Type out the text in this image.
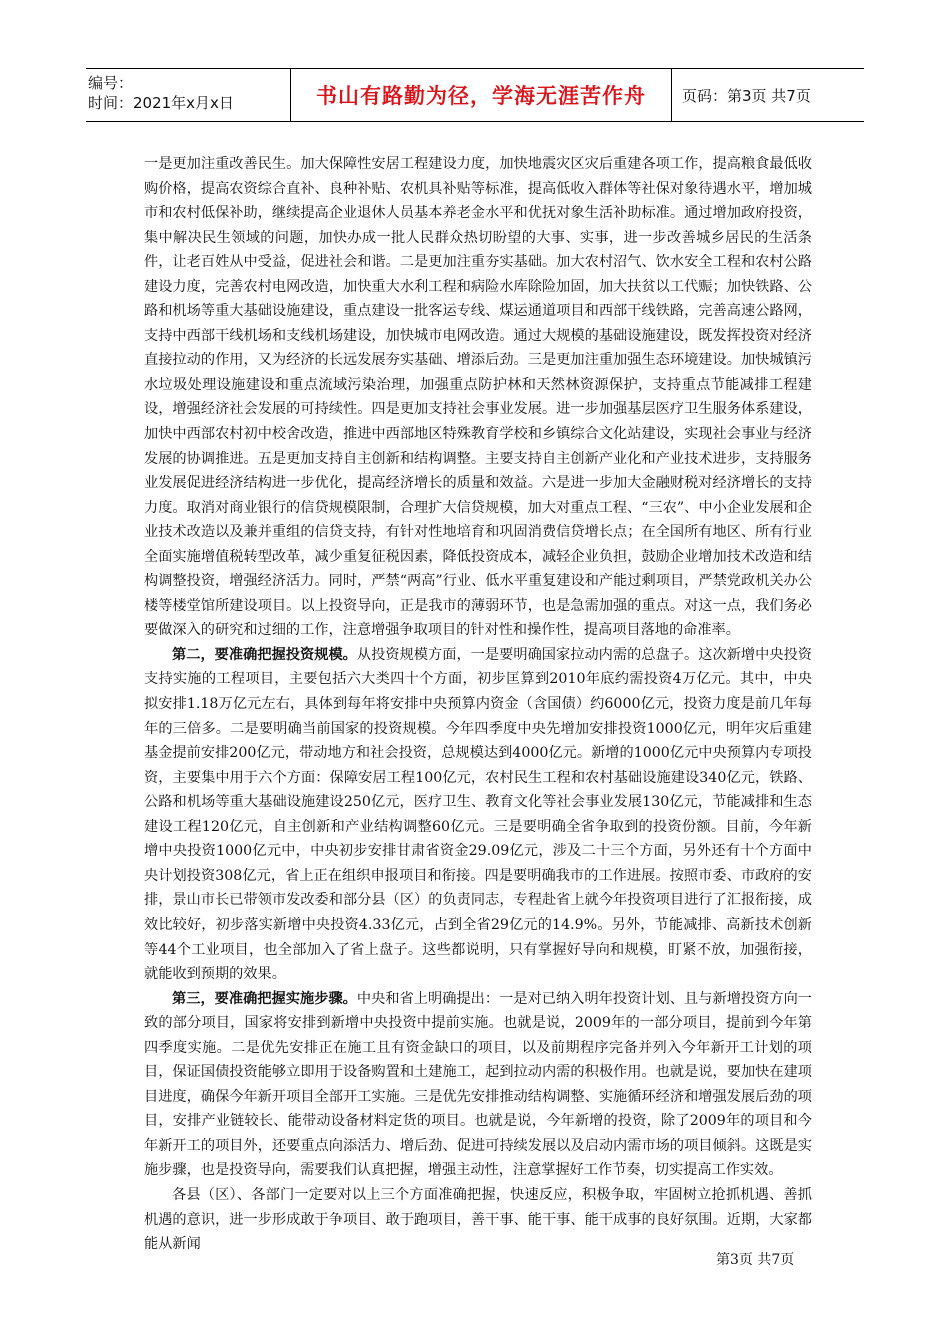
编号：
时间：2021年x月x日	书山有路勤为径，学海无涯苦作舟	页码：第3页 共7页

一是更加注重改善民生。加大保障性安居工程建设力度，加快地震灾区灾后重建各项工作，提高粮食最低收购价格，提高农资综合直补、良种补贴、农机具补贴等标准，提高低收入群体等社保对象待遇水平，增加城市和农村低保补助，继续提高企业退休人员基本养老金水平和优抚对象生活补助标准。通过增加政府投资，集中解决民生领域的问题，加快办成一批人民群众热切盼望的大事、实事，进一步改善城乡居民的生活条件，让老百姓从中受益，促进社会和谐。二是更加注重夯实基础。加大农村沼气、饮水安全工程和农村公路建设力度，完善农村电网改造，加快重大水利工程和病险水库除险加固，加大扶贫以工代赈；加快铁路、公路和机场等重大基础设施建设，重点建设一批客运专线、煤运通道项目和西部干线铁路，完善高速公路网，支持中西部干线机场和支线机场建设，加快城市电网改造。通过大规模的基础设施建设，既发挥投资对经济直接拉动的作用，又为经济的长远发展夯实基础、增添后劲。三是更加注重加强生态环境建设。加快城镇污水垃圾处理设施建设和重点流域污染治理，加强重点防护林和天然林资源保护，支持重点节能减排工程建设，增强经济社会发展的可持续性。四是更加支持社会事业发展。进一步加强基层医疗卫生服务体系建设，加快中西部农村初中校舍改造，推进中西部地区特殊教育学校和乡镇综合文化站建设，实现社会事业与经济发展的协调推进。五是更加支持自主创新和结构调整。主要支持自主创新产业化和产业技术进步，支持服务业发展促进经济结构进一步优化，提高经济增长的质量和效益。六是进一步加大金融财税对经济增长的支持力度。取消对商业银行的信贷规模限制，合理扩大信贷规模，加大对重点工程、“三农”、中小企业发展和企业技术改造以及兼并重组的信贷支持，有针对性地培育和巩固消费信贷增长点；在全国所有地区、所有行业全面实施增值税转型改革，减少重复征税因素，降低投资成本，减轻企业负担，鼓励企业增加技术改造和结构调整投资，增强经济活力。同时，严禁“两高”行业、低水平重复建设和产能过剩项目，严禁党政机关办公楼等楼堂馆所建设项目。以上投资导向，正是我市的薄弱环节，也是急需加强的重点。对这一点，我们务必要做深入的研究和过细的工作，注意增强争取项目的针对性和操作性，提高项目落地的命准率。

第二，要准确把握投资规模。从投资规模方面，一是要明确国家拉动内需的总盘子。这次新增中央投资支持实施的工程项目，主要包括六大类四十个方面，初步匡算到2010年底约需投资4万亿元。其中，中央拟安排1.18万亿元左右，具体到每年将安排中央预算内资金（含国债）约6000亿元，投资力度是前几年每年的三倍多。二是要明确当前国家的投资规模。今年四季度中央先增加安排投资1000亿元，明年灾后重建基金提前安排200亿元，带动地方和社会投资，总规模达到4000亿元。新增的1000亿元中央预算内专项投资，主要集中用于六个方面：保障安居工程100亿元，农村民生工程和农村基础设施建设340亿元，铁路、公路和机场等重大基础设施建设250亿元，医疗卫生、教育文化等社会事业发展130亿元，节能减排和生态建设工程120亿元，自主创新和产业结构调整60亿元。三是要明确全省争取到的投资份额。目前，今年新增中央投资1000亿元中，中央初步安排甘肃省资金29.09亿元，涉及二十三个方面，另外还有十个方面中央计划投资308亿元，省上正在组织申报项目和衔接。四是要明确我市的工作进展。按照市委、市政府的安排，景山市长已带领市发改委和部分县（区）的负责同志，专程赴省上就今年投资项目进行了汇报衔接，成效比较好，初步落实新增中央投资4.33亿元，占到全省29亿元的14.9%。另外，节能减排、高新技术创新等44个工业项目，也全部加入了省上盘子。这些都说明，只有掌握好导向和规模，盯紧不放，加强衔接，就能收到预期的效果。

第三，要准确把握实施步骤。中央和省上明确提出：一是对已纳入明年投资计划、且与新增投资方向一致的部分项目，国家将安排到新增中央投资中提前实施。也就是说，2009年的一部分项目，提前到今年第四季度实施。二是优先安排正在施工且有资金缺口的项目，以及前期程序完备并列入今年新开工计划的项目，保证国债投资能够立即用于设备购置和土建施工，起到拉动内需的积极作用。也就是说，要加快在建项目进度，确保今年新开项目全部开工实施。三是优先安排推动结构调整、实施循环经济和增强发展后劲的项目，安排产业链较长、能带动设备材料定货的项目。也就是说，今年新增的投资，除了2009年的项目和今年新开工的项目外，还要重点向添活力、增后劲、促进可持续发展以及启动内需市场的项目倾斜。这既是实施步骤，也是投资导向，需要我们认真把握，增强主动性，注意掌握好工作节奏，切实提高工作实效。

各县（区）、各部门一定要对以上三个方面准确把握，快速反应，积极争取，牢固树立抢抓机遇、善抓机遇的意识，进一步形成敢于争项目、敢于跑项目，善干事、能干事、能干成事的良好氛围。近期，大家都能从新闻

第3页 共7页
